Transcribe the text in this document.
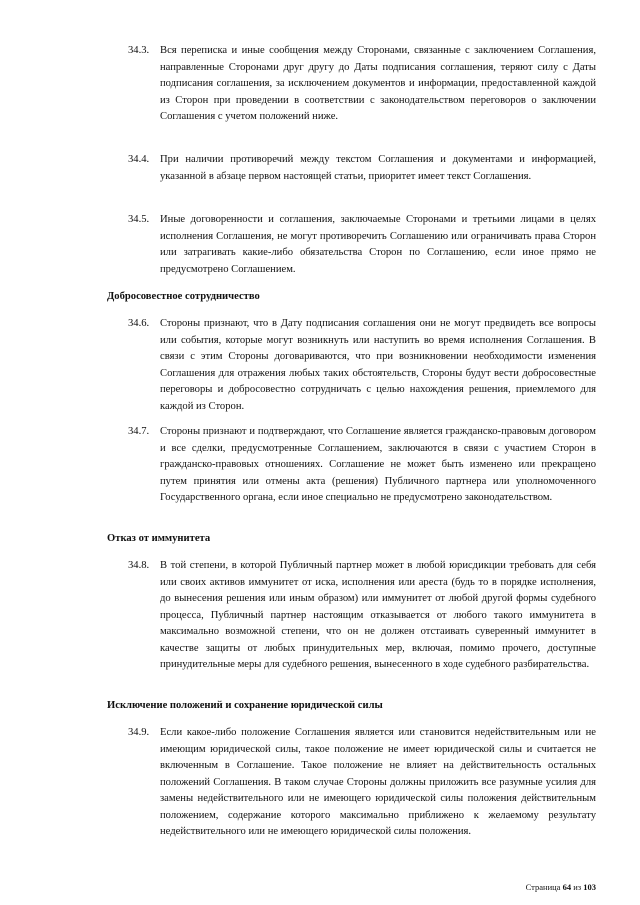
34.3. Вся переписка и иные сообщения между Сторонами, связанные с заключением Соглашения, направленные Сторонами друг другу до Даты подписания соглашения, теряют силу с Даты подписания соглашения, за исключением документов и информации, предоставленной каждой из Сторон при проведении в соответствии с законодательством переговоров о заключении Соглашения с учетом положений ниже.

34.4. При наличии противоречий между текстом Соглашения и документами и информацией, указанной в абзаце первом настоящей статьи, приоритет имеет текст Соглашения.

34.5. Иные договоренности и соглашения, заключаемые Сторонами и третьими лицами в целях исполнения Соглашения, не могут противоречить Соглашению или ограничивать права Сторон или затрагивать какие-либо обязательства Сторон по Соглашению, если иное прямо не предусмотрено Соглашением.

Добросовестное сотрудничество
34.6. Стороны признают, что в Дату подписания соглашения они не могут предвидеть все вопросы или события, которые могут возникнуть или наступить во время исполнения Соглашения. В связи с этим Стороны договариваются, что при возникновении необходимости изменения Соглашения для отражения любых таких обстоятельств, Стороны будут вести добросовестные переговоры и добросовестно сотрудничать с целью нахождения решения, приемлемого для каждой из Сторон.

34.7. Стороны признают и подтверждают, что Соглашение является гражданско-правовым договором и все сделки, предусмотренные Соглашением, заключаются в связи с участием Сторон в гражданско-правовых отношениях. Соглашение не может быть изменено или прекращено путем принятия или отмены акта (решения) Публичного партнера или уполномоченного Государственного органа, если иное специально не предусмотрено законодательством.

Отказ от иммунитета
34.8. В той степени, в которой Публичный партнер может в любой юрисдикции требовать для себя или своих активов иммунитет от иска, исполнения или ареста (будь то в порядке исполнения, до вынесения решения или иным образом) или иммунитет от любой другой формы судебного процесса, Публичный партнер настоящим отказывается от любого такого иммунитета в максимально возможной степени, что он не должен отстаивать суверенный иммунитет в качестве защиты от любых принудительных мер, включая, помимо прочего, доступные принудительные меры для судебного решения, вынесенного в ходе судебного разбирательства.

Исключение положений и сохранение юридической силы
34.9. Если какое-либо положение Соглашения является или становится недействительным или не имеющим юридической силы, такое положение не имеет юридической силы и считается не включенным в Соглашение. Такое положение не влияет на действительность остальных положений Соглашения. В таком случае Стороны должны приложить все разумные усилия для замены недействительного или не имеющего юридической силы положения действительным положением, содержание которого максимально приближено к желаемому результату недействительного или не имеющего юридической силы положения.

Страница 64 из 103
